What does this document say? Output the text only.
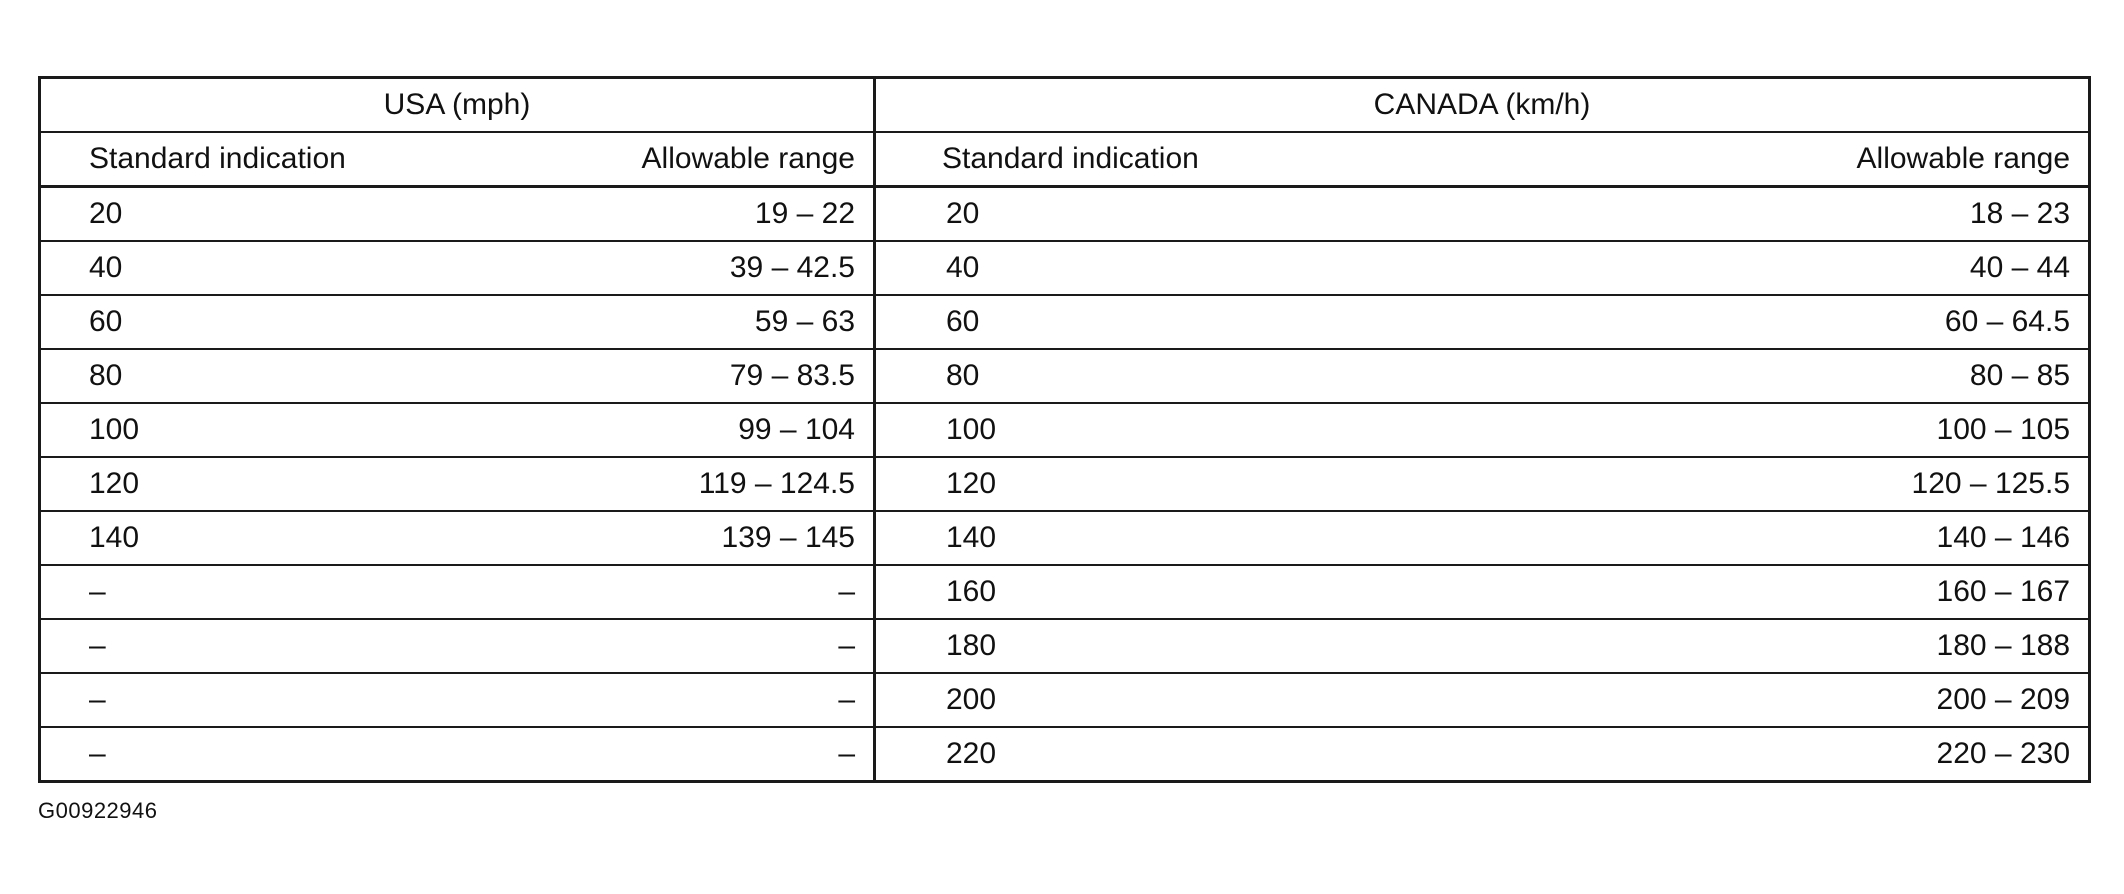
USA (mph)		CANADA (km/h)	
Standard indication	Allowable range	Standard indication	Allowable range
20	19 – 22	20	18 – 23
40	39 – 42.5	40	40 – 44
60	59 – 63	60	60 – 64.5
80	79 – 83.5	80	80 – 85
100	99 – 104	100	100 – 105
120	119 – 124.5	120	120 – 125.5
140	139 – 145	140	140 – 146
–	–	160	160 – 167
–	–	180	180 – 188
–	–	200	200 – 209
–	–	220	220 – 230
G00922946
